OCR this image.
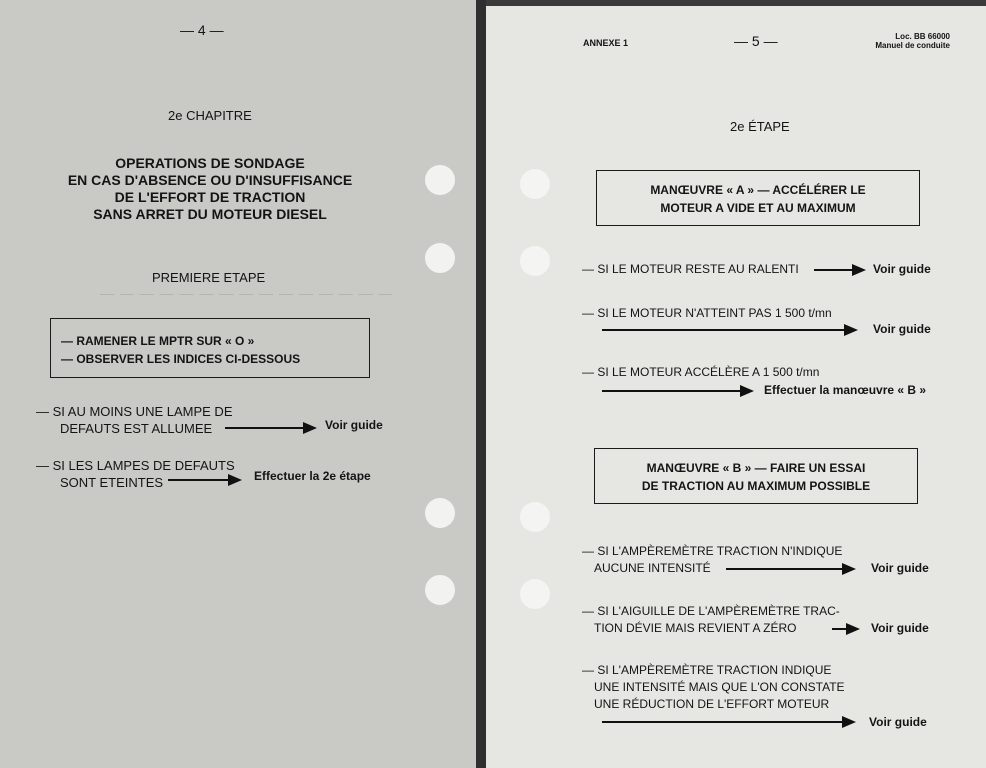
— — — — — — — — — — — — — — —
— 4 —
2e CHAPITRE
OPERATIONS DE SONDAGE
EN CAS D'ABSENCE OU D'INSUFFISANCE
DE L'EFFORT DE TRACTION
SANS ARRET DU MOTEUR DIESEL
PREMIERE ETAPE
— RAMENER LE MPTR SUR « O »
— OBSERVER LES INDICES CI-DESSOUS
— SI AU MOINS UNE LAMPE DE
DEFAUTS EST ALLUMEE	Voir guide
— SI LES LAMPES DE DEFAUTS
SONT ETEINTES	Effectuer la 2e étape
ANNEXE 1	— 5 —	Loc. BB 66000
Manuel de conduite
2e ÉTAPE
MANŒUVRE « A » — ACCÉLÉRER LE
MOTEUR A VIDE ET AU MAXIMUM
— SI LE MOTEUR RESTE AU RALENTI	Voir guide
— SI LE MOTEUR N'ATTEINT PAS 1 500 t/mn
Voir guide
— SI LE MOTEUR ACCÉLÈRE A 1 500 t/mn
Effectuer la manœuvre « B »
MANŒUVRE « B » — FAIRE UN ESSAI
DE TRACTION AU MAXIMUM POSSIBLE
— SI L'AMPÈREMÈTRE TRACTION N'INDIQUE
AUCUNE INTENSITÉ	Voir guide
— SI L'AIGUILLE DE L'AMPÈREMÈTRE TRAC-
TION DÉVIE MAIS REVIENT A ZÉRO	Voir guide
— SI L'AMPÈREMÈTRE TRACTION INDIQUE
UNE INTENSITÉ MAIS QUE L'ON CONSTATE
UNE RÉDUCTION DE L'EFFORT MOTEUR
Voir guide
